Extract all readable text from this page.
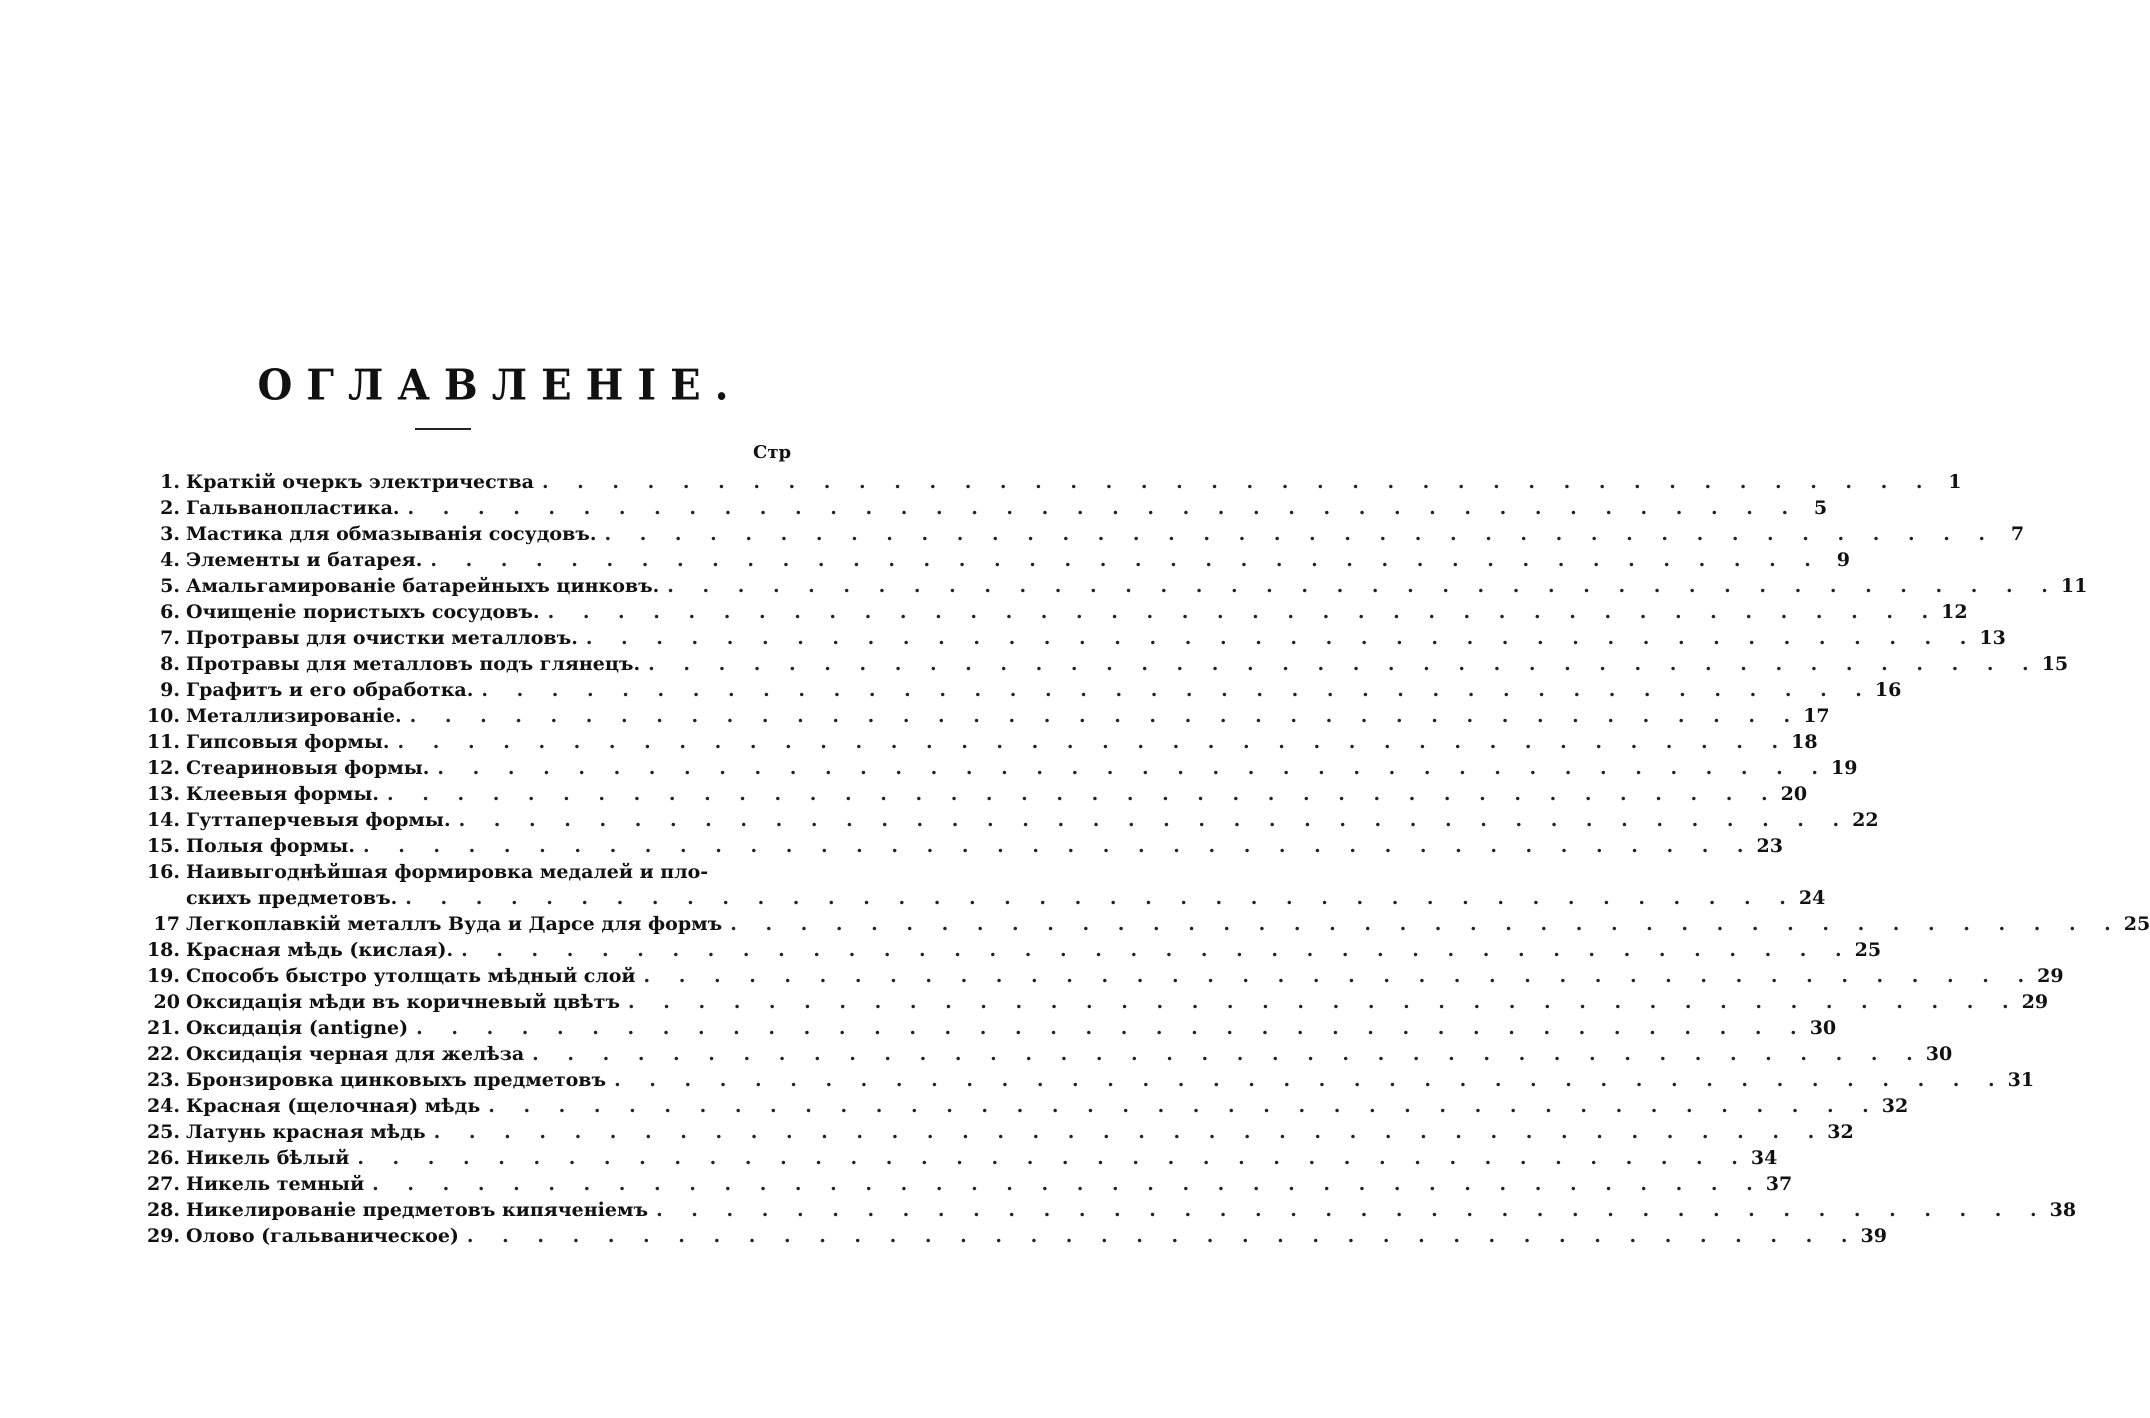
ОГЛАВЛЕНІЕ.
Стр
1. Краткій очеркъ электричества . . . . . . . . . . . . . . . . . . . . . . . . . . . . . . . . . . . . . . . . 1
2. Гальванопластика. . . . . . . . . . . . . . . . . . . . . . . . . . . . . . . . . . . . . . . . . 5
3. Мастика для обмазыванія сосудовъ. . . . . . . . . . . . . . . . . . . . . . . . . . . . . . . . . . . . . . . . . 7
4. Элементы и батарея. . . . . . . . . . . . . . . . . . . . . . . . . . . . . . . . . . . . . . . . . 9
5. Амальгамированіе батарейныхъ цинковъ. . . . . . . . . . . . . . . . . . . . . . . . . . . . . . . . . . . . . . . . . 11
6. Очищеніе пористыхъ сосудовъ. . . . . . . . . . . . . . . . . . . . . . . . . . . . . . . . . . . . . . . . . 12
7. Протравы для очистки металловъ. . . . . . . . . . . . . . . . . . . . . . . . . . . . . . . . . . . . . . . . . 13
8. Протравы для металловъ подъ глянецъ. . . . . . . . . . . . . . . . . . . . . . . . . . . . . . . . . . . . . . . . . 15
9. Графитъ и его обработка. . . . . . . . . . . . . . . . . . . . . . . . . . . . . . . . . . . . . . . . . 16
10. Металлизированіе. . . . . . . . . . . . . . . . . . . . . . . . . . . . . . . . . . . . . . . . . 17
11. Гипсовыя формы. . . . . . . . . . . . . . . . . . . . . . . . . . . . . . . . . . . . . . . . . 18
12. Стеариновыя формы. . . . . . . . . . . . . . . . . . . . . . . . . . . . . . . . . . . . . . . . . 19
13. Клеевыя формы. . . . . . . . . . . . . . . . . . . . . . . . . . . . . . . . . . . . . . . . . 20
14. Гуттаперчевыя формы. . . . . . . . . . . . . . . . . . . . . . . . . . . . . . . . . . . . . . . . . 22
15. Полыя формы. . . . . . . . . . . . . . . . . . . . . . . . . . . . . . . . . . . . . . . . . 23
16. Наивыгоднѣйшая формировка медалей и пло-
скихъ предметовъ. . . . . . . . . . . . . . . . . . . . . . . . . . . . . . . . . . . . . . . . . 24
17 Легкоплавкій металлъ Вуда и Дарсе для формъ . . . . . . . . . . . . . . . . . . . . . . . . . . . . . . . . . . . . . . . . 25
18. Красная мѣдь (кислая). . . . . . . . . . . . . . . . . . . . . . . . . . . . . . . . . . . . . . . . . 25
19. Способъ быстро утолщать мѣдный слой . . . . . . . . . . . . . . . . . . . . . . . . . . . . . . . . . . . . . . . . 29
20 Оксидація мѣди въ коричневый цвѣтъ . . . . . . . . . . . . . . . . . . . . . . . . . . . . . . . . . . . . . . . . 29
21. Оксидація (antigne) . . . . . . . . . . . . . . . . . . . . . . . . . . . . . . . . . . . . . . . . 30
22. Оксидація черная для желѣза . . . . . . . . . . . . . . . . . . . . . . . . . . . . . . . . . . . . . . . . 30
23. Бронзировка цинковыхъ предметовъ . . . . . . . . . . . . . . . . . . . . . . . . . . . . . . . . . . . . . . . . 31
24. Красная (щелочная) мѣдь . . . . . . . . . . . . . . . . . . . . . . . . . . . . . . . . . . . . . . . . 32
25. Латунь красная мѣдь . . . . . . . . . . . . . . . . . . . . . . . . . . . . . . . . . . . . . . . . 32
26. Никель бѣлый . . . . . . . . . . . . . . . . . . . . . . . . . . . . . . . . . . . . . . . . 34
27. Никель темный . . . . . . . . . . . . . . . . . . . . . . . . . . . . . . . . . . . . . . . . 37
28. Никелированіе предметовъ кипяченіемъ . . . . . . . . . . . . . . . . . . . . . . . . . . . . . . . . . . . . . . . . 38
29. Олово (гальваническое) . . . . . . . . . . . . . . . . . . . . . . . . . . . . . . . . . . . . . . . . 39
